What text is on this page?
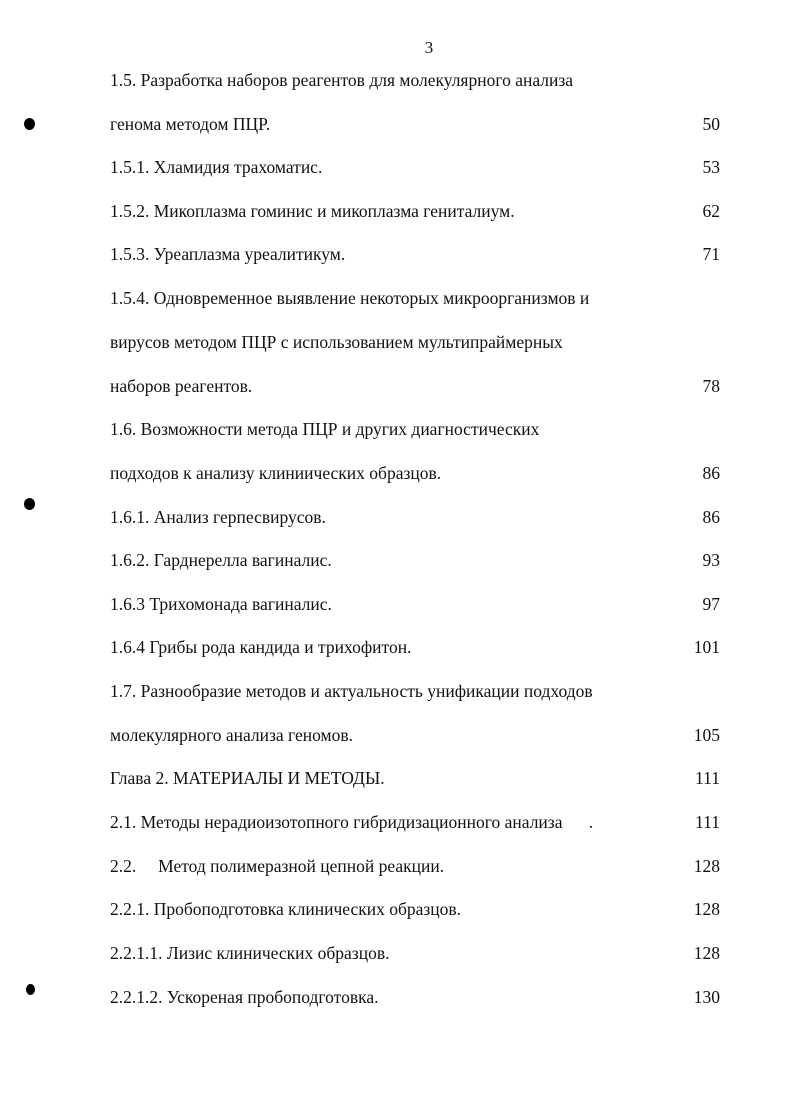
3
1.5. Разработка наборов реагентов для молекулярного анализа
генома методом ПЦР.	50
1.5.1. Хламидия трахоматис.	53
1.5.2. Микоплазма гоминис и микоплазма гениталиум.	62
1.5.3. Уреаплазма уреалитикум.	71
1.5.4. Одновременное выявление некоторых микроорганизмов и
вирусов методом ПЦР с использованием мультипраймерных
наборов реагентов.	78
1.6. Возможности метода ПЦР и других диагностических
подходов к анализу клиниических образцов.	86
1.6.1. Анализ герпесвирусов.	86
1.6.2. Гарднерелла вагиналис.	93
1.6.3 Трихомонада вагиналис.	97
1.6.4 Грибы рода кандида и трихофитон.	101
1.7. Разнообразие методов и актуальность унификации подходов
молекулярного анализа геномов.	105
Глава 2. МАТЕРИАЛЫ И МЕТОДЫ.	111
2.1. Методы нерадиоизотопного гибридизационного анализа      .	111
2.2.     Метод полимеразной цепной реакции.	128
2.2.1. Пробоподготовка клинических образцов.	128
2.2.1.1. Лизис клинических образцов.	128
2.2.1.2. Ускореная пробоподготовка.	130
